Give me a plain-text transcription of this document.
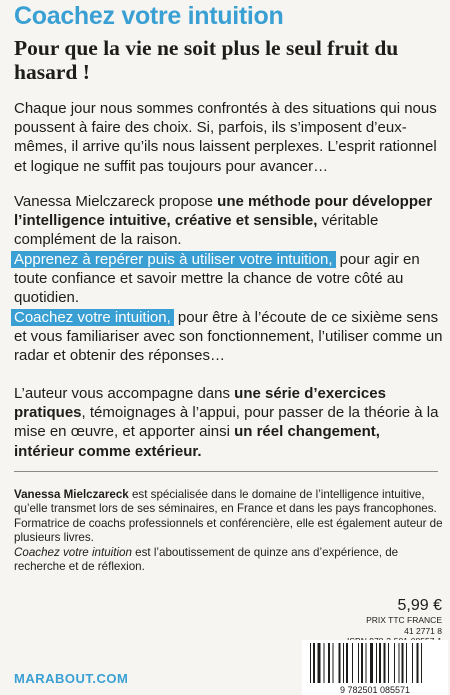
Coachez votre intuition
Pour que la vie ne soit plus le seul fruit du hasard !
Chaque jour nous sommes confrontés à des situations qui nous poussent à faire des choix. Si, parfois, ils s’imposent d’eux-mêmes, il arrive qu’ils nous laissent perplexes. L’esprit rationnel et logique ne suffit pas toujours pour avancer…
Vanessa Mielczareck propose une méthode pour développer l’intelligence intuitive, créative et sensible, véritable complément de la raison.
Apprenez à repérer puis à utiliser votre intuition, pour agir en toute confiance et savoir mettre la chance de votre côté au quotidien.
Coachez votre intuition, pour être à l’écoute de ce sixième sens et vous familiariser avec son fonctionnement, l’utiliser comme un radar et obtenir des réponses…
L’auteur vous accompagne dans une série d’exercices pratiques, témoignages à l’appui, pour passer de la théorie à la mise en œuvre, et apporter ainsi un réel changement, intérieur comme extérieur.
Vanessa Mielczareck est spécialisée dans le domaine de l’intelligence intuitive, qu’elle transmet lors de ses séminaires, en France et dans les pays francophones.
Formatrice de coachs professionnels et conférencière, elle est également auteur de plusieurs livres.
Coachez votre intuition est l’aboutissement de quinze ans d’expérience, de recherche et de réflexion.
5,99 €
PRIX TTC FRANCE
41 2771 8
MARABOUT.COM
9 782501 085571
